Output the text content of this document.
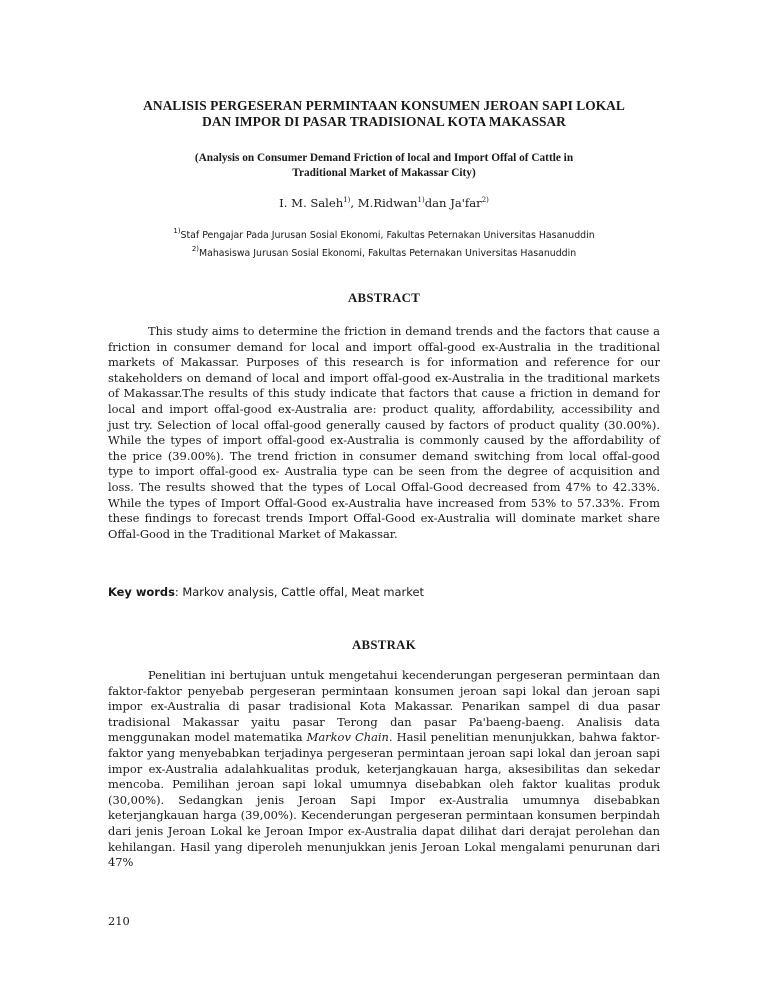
ANALISIS PERGESERAN PERMINTAAN KONSUMEN JEROAN SAPI LOKAL
DAN IMPOR DI PASAR TRADISIONAL KOTA MAKASSAR
(Analysis on Consumer Demand Friction of local and Import Offal of Cattle in
Traditional Market of Makassar City)
I. M. Saleh$^{1)}$, M.Ridwan$^{1)}$dan Ja'far$^{2)}$
$^{1)}$Staf Pengajar Pada Jurusan Sosial Ekonomi, Fakultas Peternakan Universitas Hasanuddin
$^{2)}$Mahasiswa Jurusan Sosial Ekonomi, Fakultas Peternakan Universitas Hasanuddin
ABSTRACT
This study aims to determine the friction in demand trends and the factors that cause a friction in consumer demand for local and import offal-good ex-Australia in the traditional markets of Makassar. Purposes of this research is for information and reference for our stakeholders on demand of local and import offal-good ex-Australia in the traditional markets of Makassar.The results of this study indicate that factors that cause a friction in demand for local and import offal-good ex-Australia are: product quality, affordability, accessibility and just try. Selection of local offal-good generally caused by factors of product quality (30.00%). While the types of import offal-good ex-Australia is commonly caused by the affordability of the price (39.00%). The trend friction in consumer demand switching from local offal-good type to import offal-good ex- Australia type can be seen from the degree of acquisition and loss. The results showed that the types of Local Offal-Good decreased from 47% to 42.33%. While the types of Import Offal-Good ex-Australia have increased from 53% to 57.33%. From these findings to forecast trends Import Offal-Good ex-Australia will dominate market share Offal-Good in the Traditional Market of Makassar.
Key words: Markov analysis, Cattle offal, Meat market
ABSTRAK
Penelitian ini bertujuan untuk mengetahui kecenderungan pergeseran permintaan dan faktor-faktor penyebab pergeseran permintaan konsumen jeroan sapi lokal dan jeroan sapi impor ex-Australia di pasar tradisional Kota Makassar. Penarikan sampel di dua pasar tradisional Makassar yaitu pasar Terong dan pasar Pa'baeng-baeng. Analisis data menggunakan model matematika Markov Chain. Hasil penelitian menunjukkan, bahwa faktor-faktor yang menyebabkan terjadinya pergeseran permintaan jeroan sapi lokal dan jeroan sapi impor ex-Australia adalahkualitas produk, keterjangkauan harga, aksesibilitas dan sekedar mencoba. Pemilihan jeroan sapi lokal umumnya disebabkan oleh faktor kualitas produk (30,00%). Sedangkan jenis Jeroan Sapi Impor ex-Australia umumnya disebabkan keterjangkauan harga (39,00%). Kecenderungan pergeseran permintaan konsumen berpindah dari jenis Jeroan Lokal ke Jeroan Impor ex-Australia dapat dilihat dari derajat perolehan dan kehilangan. Hasil yang diperoleh menunjukkan jenis Jeroan Lokal mengalami penurunan dari 47%
210
